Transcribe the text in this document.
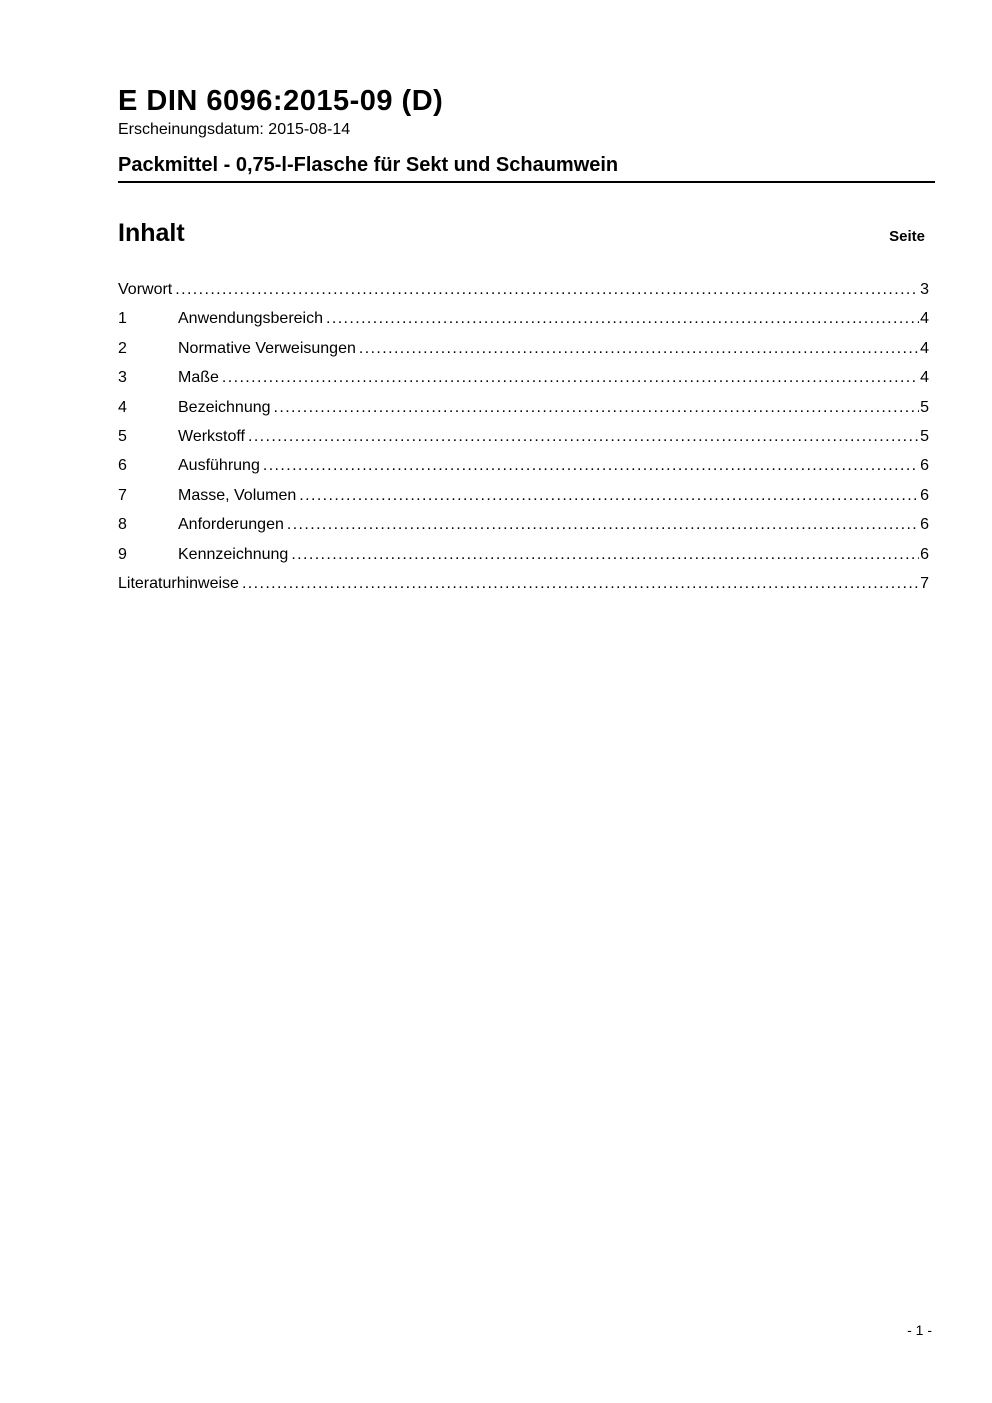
E DIN 6096:2015-09 (D)
Erscheinungsdatum: 2015-08-14
Packmittel - 0,75-l-Flasche für Sekt und Schaumwein
Inhalt	Seite
Vorwort .....	3
1	Anwendungsbereich .....	4
2	Normative Verweisungen .....	4
3	Maße .....	4
4	Bezeichnung .....	5
5	Werkstoff .....	5
6	Ausführung .....	6
7	Masse, Volumen .....	6
8	Anforderungen .....	6
9	Kennzeichnung .....	6
Literaturhinweise .....	7
- 1 -
